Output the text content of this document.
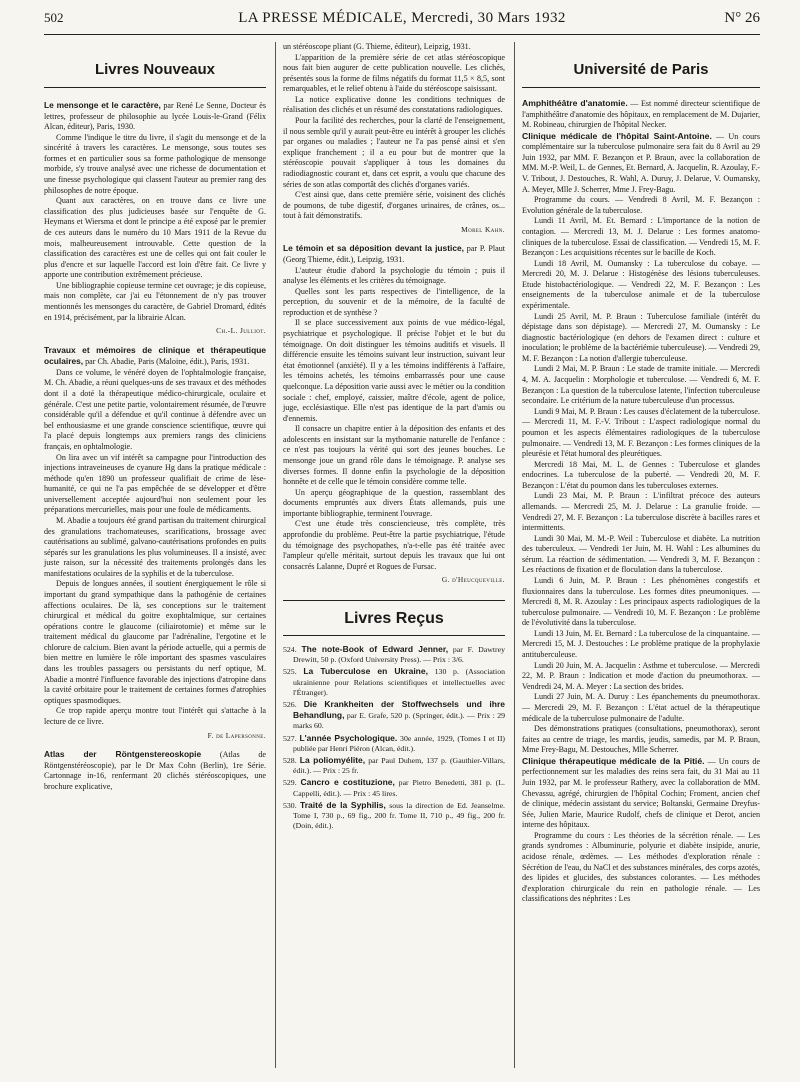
502	LA PRESSE MÉDICALE, Mercredi, 30 Mars 1932	N° 26
Livres Nouveaux

Le mensonge et le caractère, par René Le Senne, Docteur ès lettres, professeur de philosophie au lycée Louis-le-Grand (Félix Alcan, éditeur), Paris, 1930.

Comme l'indique le titre du livre, il s'agit du mensonge et de la sincérité à travers les caractères. Le mensonge, sous toutes ses formes et en particulier sous sa forme pathologique de mensonge morbide, s'y trouve analysé avec une richesse de documentation et une finesse psychologique qui classent l'auteur au premier rang des philosophes de notre époque.

Quant aux caractères, on en trouve dans ce livre une classification des plus judicieuses basée sur l'enquête de G. Heymans et Wiersma et dont le principe a été exposé par le premier de ces auteurs dans le numéro du 10 Mars 1911 de la Revue du mois, malheureusement introuvable. Cette question de la classification des caractères est une de celles qui ont fait couler le plus d'encre et sur laquelle l'accord est loin d'être fait. Ce livre y apporte une contribution extrêmement précieuse.

Une bibliographie copieuse termine cet ouvrage; je dis copieuse, mais non complète, car j'ai eu l'étonnement de n'y pas trouver mentionnés les mensonges du caractère, de Gabriel Dromard, édités en 1914, précisément, par la librairie Alcan.

Ch.-L. Julliot.

Travaux et mémoires de clinique et thérapeutique oculaires, par Ch. Abadie, Paris (Maloine, édit.), Paris, 1931.

Dans ce volume, le vénéré doyen de l'ophtalmologie française, M. Ch. Abadie, a réuni quelques-uns de ses travaux et des méthodes dont il a doté la thérapeutique médico-chirurgicale, oculaire et générale. C'est une petite partie, volontairement résumée, de l'œuvre considérable qu'il a défendue et qu'il continue à défendre avec un bel enthousiasme et une grande conscience scientifique, œuvre qui l'a placé depuis longtemps aux premiers rangs des cliniciens français, en ophtalmologie.

On lira avec un vif intérêt sa campagne pour l'introduction des injections intraveineuses de cyanure Hg dans la pratique médicale : méthode qu'en 1890 un professeur qualifiait de crime de lèse-humanité, ce qui ne l'a pas empêchée de se développer et d'être universellement acceptée aujourd'hui non seulement pour les préparations mercurielles, mais pour une foule de médicaments.

M. Abadie a toujours été grand partisan du traitement chirurgical des granulations trachomateuses, scarifications, brossage avec cautérisations au sublimé, galvano-cautérisations profondes en puits séparés sur les granulations les plus volumineuses. Il a insisté, avec juste raison, sur la nécessité des traitements prolongés dans les manifestations oculaires de la syphilis et de la tuberculose.

Depuis de longues années, il soutient énergiquement le rôle si important du grand sympathique dans la pathogénie de certaines affections oculaires. De là, ses conceptions sur le traitement chirurgical et médical du goitre exophtalmique, sur certaines opérations contre le glaucome (ciliairotomie) et même sur le traitement médical du glaucome par l'adrénaline, l'ergotine et le chlorure de calcium. Bien avant la période actuelle, qui a permis de bien mettre en lumière le rôle important des spasmes vasculaires dans les troubles passagers ou persistants du nerf optique, M. Abadie a montré l'influence favorable des injections d'atropine dans la cavité orbitaire pour le traitement de certaines formes d'atrophies optiques spasmodiques.

Ce trop rapide aperçu montre tout l'intérêt qui s'attache à la lecture de ce livre.

F. de Lapersonne.

Atlas der Röntgenstereoskopie (Atlas de Röntgenstéréoscopie), par le Dr Max Cohn (Berlin), 1re Série. Cartonnage in-16, renfermant 20 clichés stéréoscopiques, une brochure explicative,

un stéréoscope pliant (G. Thieme, éditeur), Leipzig, 1931.

L'apparition de la première série de cet atlas stéréoscopique nous fait bien augurer de cette publication nouvelle. Les clichés, présentés sous la forme de films négatifs du format 11,5 × 8,5, sont remarquables, et le relief obtenu à l'aide du stéréoscope saisissant.

La notice explicative donne les conditions techniques de réalisation des clichés et un résumé des constatations radiologiques.

Pour la facilité des recherches, pour la clarté de l'enseignement, il nous semble qu'il y aurait peut-être eu intérêt à grouper les clichés par organes ou maladies ; l'auteur ne l'a pas pensé ainsi et s'en explique franchement ; il a eu pour but de montrer que la stéréoscopie pouvait s'appliquer à tous les domaines du radiodiagnostic courant et, dans cet esprit, a voulu que chacune des séries de son atlas comportât des clichés d'organes variés.

C'est ainsi que, dans cette première série, voisinent des clichés de poumons, de tube digestif, d'organes urinaires, de crânes, os... tout à fait démonstratifs.

Morel Kahn.

Le témoin et sa déposition devant la justice, par P. Plaut (Georg Thieme, édit.), Leipzig, 1931.

L'auteur étudie d'abord la psychologie du témoin ; puis il analyse les éléments et les critères du témoignage.

Quelles sont les parts respectives de l'intelligence, de la perception, du souvenir et de la mémoire, de la faculté de reproduction et de synthèse ?

Il se place successivement aux points de vue médico-légal, psychiatrique et psychologique. Il précise l'objet et le but du témoignage. On doit distinguer les témoins auditifs et visuels. Il différencie ensuite les témoins suivant leur instruction, suivant leur état émotionnel (anxiété). Il y a les témoins indifférents à l'affaire, les témoins achetés, les témoins embarrassés pour une cause quelconque. La déposition varie aussi avec le métier ou la condition sociale : chef, employé, caissier, maître d'école, agent de police, juge, ecclésiastique. Elle n'est pas identique de la part d'amis ou d'ennemis.

Il consacre un chapitre entier à la déposition des enfants et des adolescents en insistant sur la mythomanie naturelle de l'enfance : ce n'est pas toujours la vérité qui sort des jeunes bouches. Le mensonge joue un grand rôle dans le témoignage. P. analyse ses diverses formes. Il donne enfin la psychologie de la déposition honnête et de celle que le témoin considère comme telle.

Un aperçu géographique de la question, rassemblant des documents empruntés aux divers États allemands, puis une importante bibliographie, terminent l'ouvrage.

C'est une étude très consciencieuse, très complète, très approfondie du problème. Peut-être la partie psychiatrique, l'étude du témoignage des psychopathes, n'a-t-elle pas été traitée avec l'ampleur qu'elle méritait, surtout depuis les travaux que lui ont consacrés Lalanne, Dupré et Rogues de Fursac.

G. d'Heucqueville.

Livres Reçus

524. The note-Book of Edward Jenner, par F. Dawtrey Drewitt, 50 p. (Oxford University Press). — Prix : 3/6.

525. La Tuberculose en Ukraine, 130 p. (Association ukrainienne pour Relations scientifiques et intellectuelles avec l'Étranger).

526. Die Krankheiten der Stoffwechsels und ihre Behandlung, par E. Grafe, 520 p. (Springer, édit.). — Prix : 29 marks 60.

527. L'année Psychologique. 30e année, 1929, (Tomes I et II) publiée par Henri Piéron (Alcan, édit.).

528. La poliomyélite, par Paul Duhem, 137 p. (Gauthier-Villars, édit.). — Prix : 25 fr.

529. Cancro e costituzione, par Pietro Benedetti, 381 p. (L. Cappelli, édit.). — Prix : 45 lires.

530. Traité de la Syphilis, sous la direction de Ed. Jeanselme. Tome I, 730 p., 69 fig., 200 fr. Tome II, 710 p., 49 fig., 200 fr. (Doin, édit.).

Université de Paris

Amphithéâtre d'anatomie. — Est nommé directeur scientifique de l'amphithéâtre d'anatomie des hôpitaux, en remplacement de M. Dujarier, M. Robineau, chirurgien de l'hôpital Necker.

Clinique médicale de l'hôpital Saint-Antoine. — Un cours complémentaire sur la tuberculose pulmonaire sera fait du 8 Avril au 29 Juin 1932, par MM. F. Bezançon et P. Braun, avec la collaboration de MM. M.-P. Weil, L. de Gennes, Et. Bernard, A. Jacquelin, R. Azoulay, F.-V. Tribout, J. Destouches, R. Wahl, A. Duruy, J. Delarue, V. Oumansky, A. Meyer, Mlle J. Scherrer, Mme J. Frey-Bagu.

Programme du cours. — Vendredi 8 Avril, M. F. Bezançon : Evolution générale de la tuberculose.

Lundi 11 Avril, M. Et. Bernard : L'importance de la notion de contagion. — Mercredi 13, M. J. Delarue : Les formes anatomo-cliniques de la tuberculose. Essai de classification. — Vendredi 15, M. F. Bezançon : Les acquisitions récentes sur le bacille de Koch.

Lundi 18 Avril, M. Oumansky : La tuberculose du cobaye. — Mercredi 20, M. J. Delarue : Histogénèse des lésions tuberculeuses. Etude histobactériologique. — Vendredi 22, M. F. Bezançon : Les enseignements de la tuberculose animale et de la tuberculose expérimentale.

Lundi 25 Avril, M. P. Braun : Tuberculose familiale (intérêt du dépistage dans son dépistage). — Mercredi 27, M. Oumansky : Le diagnostic bactériologique (en dehors de l'examen direct : culture et inoculation; le problème de la bactériémie tuberculeuse). — Vendredi 29, M. F. Bezançon : La notion d'allergie tuberculeuse.

Lundi 2 Mai, M. P. Braun : Le stade de tramite initiale. — Mercredi 4, M. A. Jacquelin : Morphologie et tuberculose. — Vendredi 6, M. F. Bezançon : La question de la tuberculose latente, l'infection tuberculeuse secondaire. Le critérium de la nature tuberculeuse d'un processus.

Lundi 9 Mai, M. P. Braun : Les causes d'éclatement de la tuberculose. — Mercredi 11, M. F.-V. Tribout : L'aspect radiologique normal du poumon et les aspects élémentaires radiologiques de la tuberculose pulmonaire. — Vendredi 13, M. F. Bezançon : Les formes cliniques de la pleurésie et l'état humoral des pleurétiques.

Mercredi 18 Mai, M. L. de Gennes : Tuberculose et glandes endocrines. La tuberculose de la puberté. — Vendredi 20, M. F. Bezançon : L'état du poumon dans les tuberculoses externes.

Lundi 23 Mai, M. P. Braun : L'infiltrat précoce des auteurs allemands. — Mercredi 25, M. J. Delarue : La granulie froide. — Vendredi 27, M. F. Bezançon : La tuberculose discrète à bacilles rares et intermittents.

Lundi 30 Mai, M. M.-P. Weil : Tuberculose et diabète. La nutrition des tuberculeux. — Vendredi 1er Juin, M. H. Wahl : Les albumines du sérum. La réaction de sédimentation. — Vendredi 3, M. F. Bezançon : Les réactions de fixation et de floculation dans la tuberculose.

Lundi 6 Juin, M. P. Braun : Les phénomènes congestifs et fluxionnaires dans la tuberculose. Les formes dites pneumoniques. — Mercredi 8, M. R. Azoulay : Les principaux aspects radiologiques de la tuberculose pulmonaire. — Vendredi 10, M. F. Bezançon : Le problème de l'évolutivité dans la tuberculose.

Lundi 13 Juin, M. Et. Bernard : La tuberculose de la cinquantaine. — Mercredi 15, M. J. Destouches : Le problème pratique de la prophylaxie antituberculeuse.

Lundi 20 Juin, M. A. Jacquelin : Asthme et tuberculose. — Mercredi 22, M. P. Braun : Indication et mode d'action du pneumothorax. — Vendredi 24, M. A. Meyer : La section des brides.

Lundi 27 Juin, M. A. Duruy : Les épanchements du pneumothorax. — Mercredi 29, M. F. Bezançon : L'état actuel de la thérapeutique médicale de la tuberculose pulmonaire de l'adulte.

Des démonstrations pratiques (consultations, pneumothorax), seront faites au centre de triage, les mardis, jeudis, samedis, par M. P. Braun, Mme Frey-Bagu, M. Destouches, Mlle Scherrer.

Clinique thérapeutique médicale de la Pitié. — Un cours de perfectionnement sur les maladies des reins sera fait, du 31 Mai au 11 Juin 1932, par M. le professeur Rathery, avec la collaboration de MM. Chevassu, agrégé, chirurgien de l'hôpital Cochin; Froment, ancien chef de clinique, médecin assistant du service; Boltanski, Germaine Dreyfus-Sée, Julien Marie, Maurice Rudolf, chefs de clinique et Derot, ancien interne des hôpitaux.

Programme du cours : Les théories de la sécrétion rénale. — Les grands syndromes : Albuminurie, polyurie et diabète insipide, anurie, acidose rénale, œdèmes. — Les méthodes d'exploration rénale : Sécrétion de l'eau, du NaCl et des substances minérales, des corps azotés, des lipides et glucides, des substances colorantes. — Les méthodes d'exploration chirurgicale du rein en pathologie rénale. — Les classifications des néphrites : Les
